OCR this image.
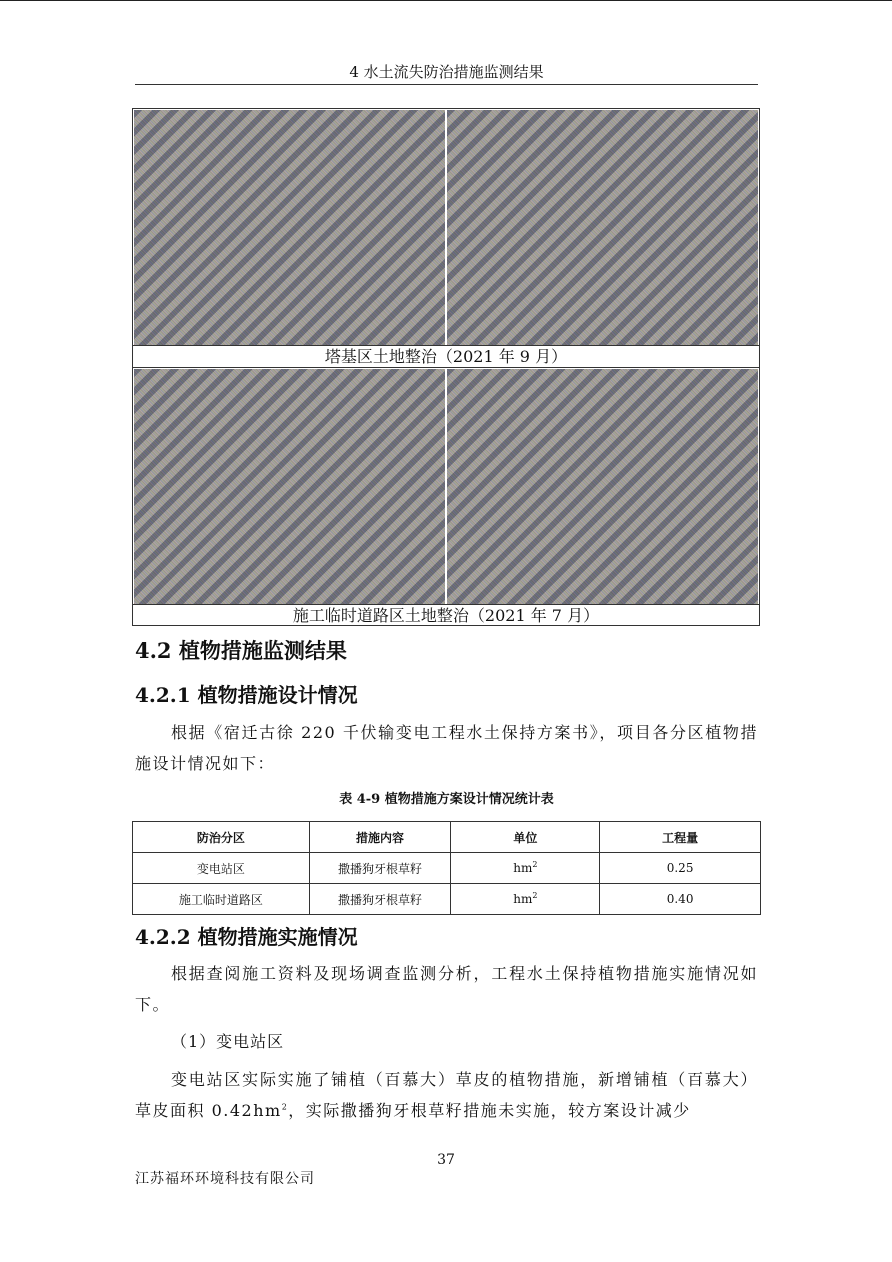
4 水土流失防治措施监测结果
塔基区土地整治（2021 年 9 月）
施工临时道路区土地整治（2021 年 7 月）
4.2 植物措施监测结果
4.2.1 植物措施设计情况
根据《宿迁古徐 220 千伏输变电工程水土保持方案书》，项目各分区植物措施设计情况如下：
表 4-9 植物措施方案设计情况统计表
防治分区	措施内容	单位	工程量
变电站区	撒播狗牙根草籽	$hm^2$	0.25
施工临时道路区	撒播狗牙根草籽	$hm^2$	0.40
4.2.2 植物措施实施情况
根据查阅施工资料及现场调查监测分析，工程水土保持植物措施实施情况如下。
（1）变电站区
变电站区实际实施了铺植（百慕大）草皮的植物措施，新增铺植（百慕大）草皮面积 $0.42hm^2$，实际撒播狗牙根草籽措施未实施，较方案设计减少
37
江苏福环环境科技有限公司
